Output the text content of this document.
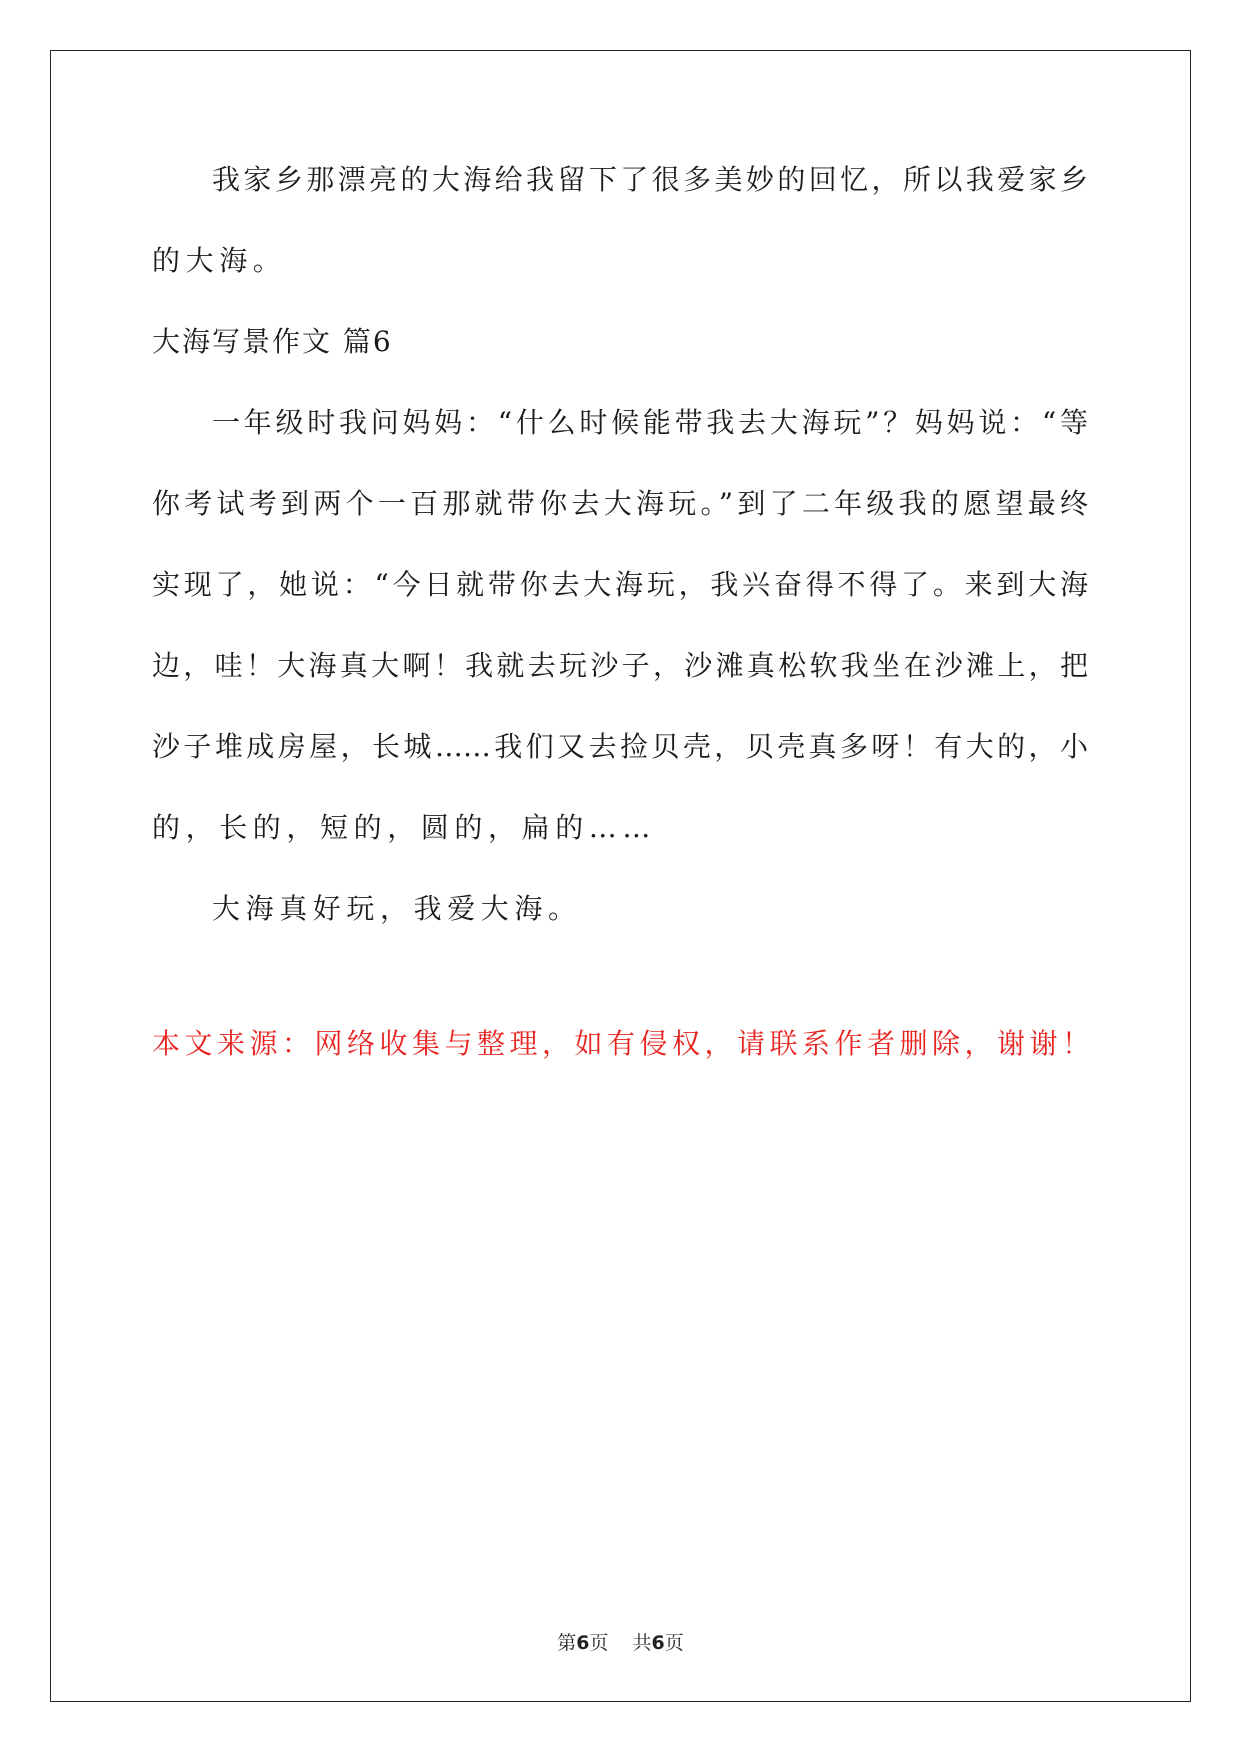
我家乡那漂亮的大海给我留下了很多美妙的回忆，所以我爱家乡
的大海。
大海写景作文 篇6
一年级时我问妈妈：“什么时候能带我去大海玩”？妈妈说：“等
你考试考到两个一百那就带你去大海玩。”到了二年级我的愿望最终
实现了，她说：“今日就带你去大海玩，我兴奋得不得了。来到大海
边，哇！大海真大啊！我就去玩沙子，沙滩真松软我坐在沙滩上，把
沙子堆成房屋，长城……我们又去捡贝壳，贝壳真多呀！有大的，小
的，长的，短的，圆的，扁的……
大海真好玩，我爱大海。
本文来源：网络收集与整理，如有侵权，请联系作者删除，谢谢！
第6页 共6页
